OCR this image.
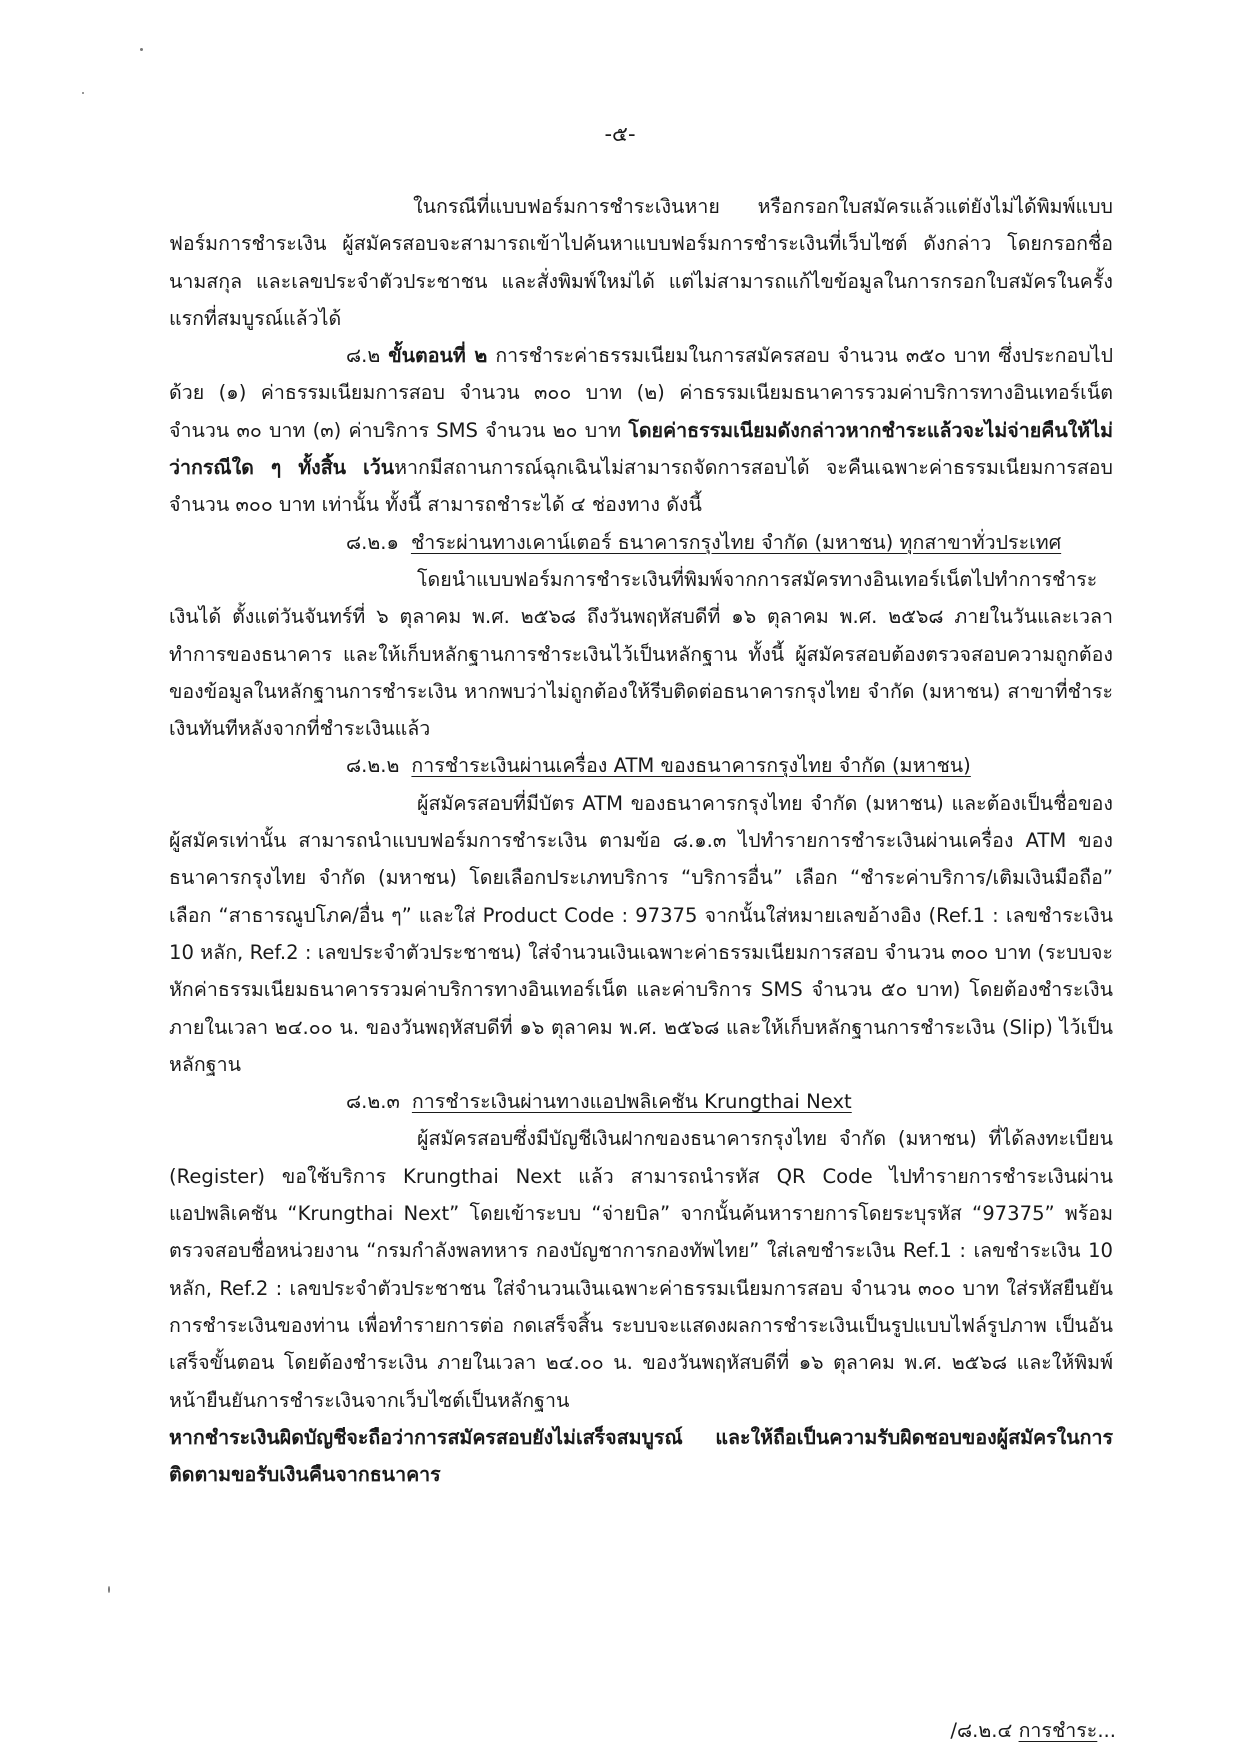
-๕-

ในกรณีที่แบบฟอร์มการชำระเงินหาย หรือกรอกใบสมัครแล้วแต่ยังไม่ได้พิมพ์แบบฟอร์มการชำระเงิน ผู้สมัครสอบจะสามารถเข้าไปค้นหาแบบฟอร์มการชำระเงินที่เว็บไซต์ ดังกล่าว โดยกรอกชื่อ นามสกุล และเลขประจำตัวประชาชน และสั่งพิมพ์ใหม่ได้ แต่ไม่สามารถแก้ไขข้อมูลในการกรอกใบสมัครในครั้งแรกที่สมบูรณ์แล้วได้

๘.๒ ขั้นตอนที่ ๒ การชำระค่าธรรมเนียมในการสมัครสอบ จำนวน ๓๕๐ บาท ซึ่งประกอบไปด้วย (๑) ค่าธรรมเนียมการสอบ จำนวน ๓๐๐ บาท (๒) ค่าธรรมเนียมธนาคารรวมค่าบริการทางอินเทอร์เน็ต จำนวน ๓๐ บาท (๓) ค่าบริการ SMS จำนวน ๒๐ บาท โดยค่าธรรมเนียมดังกล่าวหากชำระแล้วจะไม่จ่ายคืนให้ไม่ว่ากรณีใด ๆ ทั้งสิ้น เว้นหากมีสถานการณ์ฉุกเฉินไม่สามารถจัดการสอบได้ จะคืนเฉพาะค่าธรรมเนียมการสอบ จำนวน ๓๐๐ บาท เท่านั้น ทั้งนี้ สามารถชำระได้ ๔ ช่องทาง ดังนี้

๘.๒.๑ ชำระผ่านทางเคาน์เตอร์ ธนาคารกรุงไทย จำกัด (มหาชน) ทุกสาขาทั่วประเทศ

โดยนำแบบฟอร์มการชำระเงินที่พิมพ์จากการสมัครทางอินเทอร์เน็ตไปทำการชำระเงินได้ ตั้งแต่วันจันทร์ที่ ๖ ตุลาคม พ.ศ. ๒๕๖๘ ถึงวันพฤหัสบดีที่ ๑๖ ตุลาคม พ.ศ. ๒๕๖๘ ภายในวันและเวลาทำการของธนาคาร และให้เก็บหลักฐานการชำระเงินไว้เป็นหลักฐาน ทั้งนี้ ผู้สมัครสอบต้องตรวจสอบความถูกต้องของข้อมูลในหลักฐานการชำระเงิน หากพบว่าไม่ถูกต้องให้รีบติดต่อธนาคารกรุงไทย จำกัด (มหาชน) สาขาที่ชำระเงินทันทีหลังจากที่ชำระเงินแล้ว

๘.๒.๒ การชำระเงินผ่านเครื่อง ATM ของธนาคารกรุงไทย จำกัด (มหาชน)

ผู้สมัครสอบที่มีบัตร ATM ของธนาคารกรุงไทย จำกัด (มหาชน) และต้องเป็นชื่อของผู้สมัครเท่านั้น สามารถนำแบบฟอร์มการชำระเงิน ตามข้อ ๘.๑.๓ ไปทำรายการชำระเงินผ่านเครื่อง ATM ของธนาคารกรุงไทย จำกัด (มหาชน) โดยเลือกประเภทบริการ “บริการอื่น” เลือก “ชำระค่าบริการ/เติมเงินมือถือ” เลือก “สาธารณูปโภค/อื่น ๆ” และใส่ Product Code : 97375 จากนั้นใส่หมายเลขอ้างอิง (Ref.1 : เลขชำระเงิน 10 หลัก, Ref.2 : เลขประจำตัวประชาชน) ใส่จำนวนเงินเฉพาะค่าธรรมเนียมการสอบ จำนวน ๓๐๐ บาท (ระบบจะหักค่าธรรมเนียมธนาคารรวมค่าบริการทางอินเทอร์เน็ต และค่าบริการ SMS จำนวน ๕๐ บาท) โดยต้องชำระเงิน ภายในเวลา ๒๔.๐๐ น. ของวันพฤหัสบดีที่ ๑๖ ตุลาคม พ.ศ. ๒๕๖๘ และให้เก็บหลักฐานการชำระเงิน (Slip) ไว้เป็นหลักฐาน

๘.๒.๓ การชำระเงินผ่านทางแอปพลิเคชัน Krungthai Next

ผู้สมัครสอบซึ่งมีบัญชีเงินฝากของธนาคารกรุงไทย จำกัด (มหาชน) ที่ได้ลงทะเบียน (Register) ขอใช้บริการ Krungthai Next แล้ว สามารถนำรหัส QR Code ไปทำรายการชำระเงินผ่านแอปพลิเคชัน “Krungthai Next” โดยเข้าระบบ “จ่ายบิล” จากนั้นค้นหารายการโดยระบุรหัส “97375” พร้อมตรวจสอบชื่อหน่วยงาน “กรมกำลังพลทหาร กองบัญชาการกองทัพไทย” ใส่เลขชำระเงิน Ref.1 : เลขชำระเงิน 10 หลัก, Ref.2 : เลขประจำตัวประชาชน ใส่จำนวนเงินเฉพาะค่าธรรมเนียมการสอบ จำนวน ๓๐๐ บาท ใส่รหัสยืนยันการชำระเงินของท่าน เพื่อทำรายการต่อ กดเสร็จสิ้น ระบบจะแสดงผลการชำระเงินเป็นรูปแบบไฟล์รูปภาพ เป็นอันเสร็จขั้นตอน โดยต้องชำระเงิน ภายในเวลา ๒๔.๐๐ น. ของวันพฤหัสบดีที่ ๑๖ ตุลาคม พ.ศ. ๒๕๖๘ และให้พิมพ์หน้ายืนยันการชำระเงินจากเว็บไซต์เป็นหลักฐาน
หากชำระเงินผิดบัญชีจะถือว่าการสมัครสอบยังไม่เสร็จสมบูรณ์ และให้ถือเป็นความรับผิดชอบของผู้สมัครในการติดตามขอรับเงินคืนจากธนาคาร

/๘.๒.๔ การชำระ...
